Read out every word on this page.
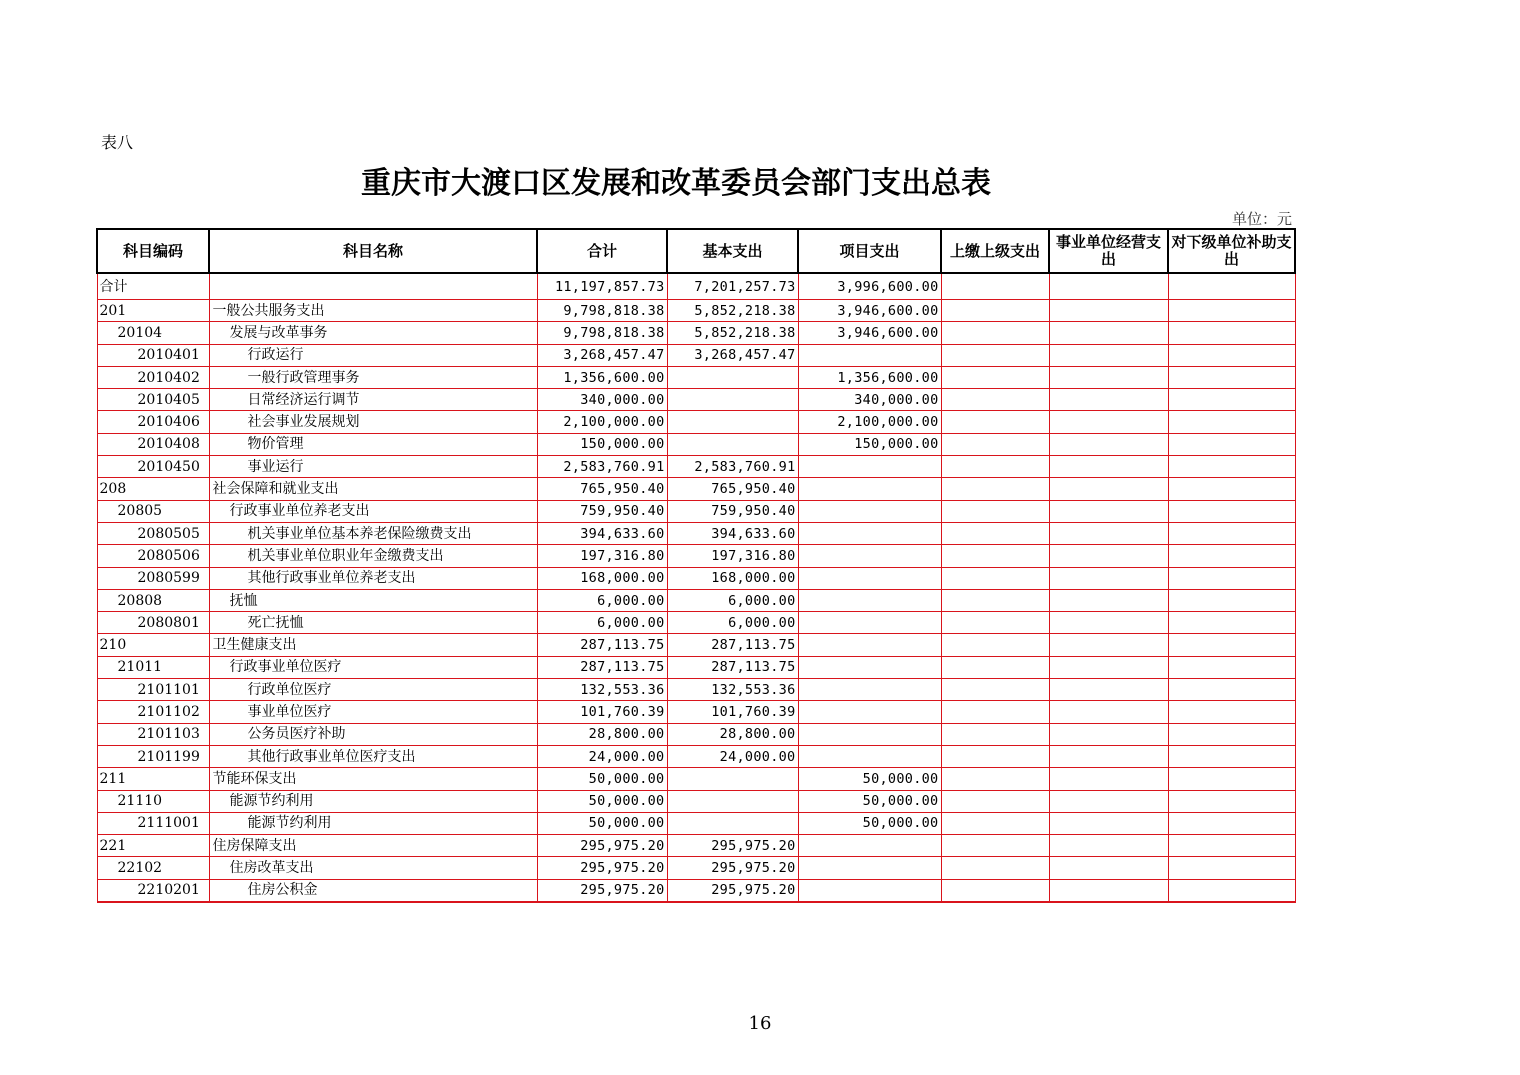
表八
重庆市大渡口区发展和改革委员会部门支出总表
单位：元
科目编码	科目名称	合计	基本支出	项目支出	上缴上级支出	事业单位经营支出	对下级单位补助支出
合计		11,197,857.73	7,201,257.73	3,996,600.00			
201	一般公共服务支出	9,798,818.38	5,852,218.38	3,946,600.00			
20104	发展与改革事务	9,798,818.38	5,852,218.38	3,946,600.00			
2010401	行政运行	3,268,457.47	3,268,457.47				
2010402	一般行政管理事务	1,356,600.00		1,356,600.00			
2010405	日常经济运行调节	340,000.00		340,000.00			
2010406	社会事业发展规划	2,100,000.00		2,100,000.00			
2010408	物价管理	150,000.00		150,000.00			
2010450	事业运行	2,583,760.91	2,583,760.91				
208	社会保障和就业支出	765,950.40	765,950.40				
20805	行政事业单位养老支出	759,950.40	759,950.40				
2080505	机关事业单位基本养老保险缴费支出	394,633.60	394,633.60				
2080506	机关事业单位职业年金缴费支出	197,316.80	197,316.80				
2080599	其他行政事业单位养老支出	168,000.00	168,000.00				
20808	抚恤	6,000.00	6,000.00				
2080801	死亡抚恤	6,000.00	6,000.00				
210	卫生健康支出	287,113.75	287,113.75				
21011	行政事业单位医疗	287,113.75	287,113.75				
2101101	行政单位医疗	132,553.36	132,553.36				
2101102	事业单位医疗	101,760.39	101,760.39				
2101103	公务员医疗补助	28,800.00	28,800.00				
2101199	其他行政事业单位医疗支出	24,000.00	24,000.00				
211	节能环保支出	50,000.00		50,000.00			
21110	能源节约利用	50,000.00		50,000.00			
2111001	能源节约利用	50,000.00		50,000.00			
221	住房保障支出	295,975.20	295,975.20				
22102	住房改革支出	295,975.20	295,975.20				
2210201	住房公积金	295,975.20	295,975.20				
16
